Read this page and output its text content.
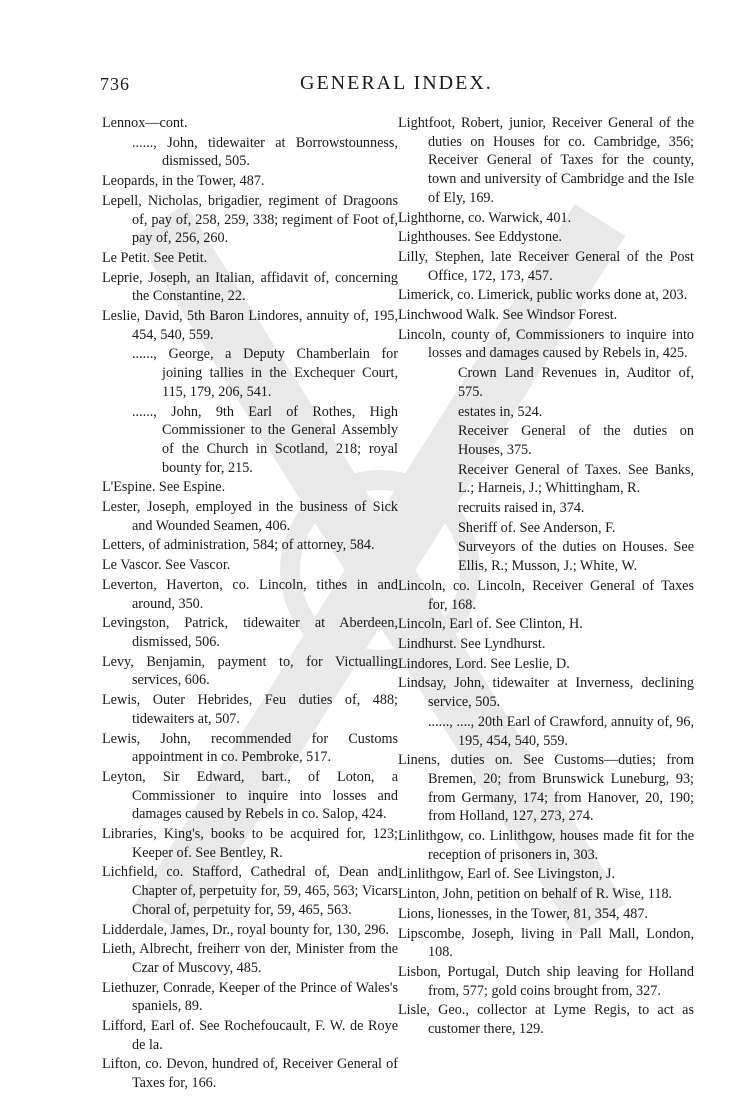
736	GENERAL INDEX.

Lennox—cont.

......, John, tidewaiter at Borrowstounness, dismissed, 505.

Leopards, in the Tower, 487.

Lepell, Nicholas, brigadier, regiment of Dragoons of, pay of, 258, 259, 338; regiment of Foot of, pay of, 256, 260.

Le Petit. See Petit.

Leprie, Joseph, an Italian, affidavit of, concerning the Constantine, 22.

Leslie, David, 5th Baron Lindores, annuity of, 195, 454, 540, 559.

......, George, a Deputy Chamberlain for joining tallies in the Exchequer Court, 115, 179, 206, 541.

......, John, 9th Earl of Rothes, High Commissioner to the General Assembly of the Church in Scotland, 218; royal bounty for, 215.

L'Espine. See Espine.

Lester, Joseph, employed in the business of Sick and Wounded Seamen, 406.

Letters, of administration, 584; of attorney, 584.

Le Vascor. See Vascor.

Leverton, Haverton, co. Lincoln, tithes in and around, 350.

Levingston, Patrick, tidewaiter at Aberdeen, dismissed, 506.

Levy, Benjamin, payment to, for Victualling services, 606.

Lewis, Outer Hebrides, Feu duties of, 488; tidewaiters at, 507.

Lewis, John, recommended for Customs appointment in co. Pembroke, 517.

Leyton, Sir Edward, bart., of Loton, a Commissioner to inquire into losses and damages caused by Rebels in co. Salop, 424.

Libraries, King's, books to be acquired for, 123; Keeper of. See Bentley, R.

Lichfield, co. Stafford, Cathedral of, Dean and Chapter of, perpetuity for, 59, 465, 563; Vicars Choral of, perpetuity for, 59, 465, 563.

Lidderdale, James, Dr., royal bounty for, 130, 296.

Lieth, Albrecht, freiherr von der, Minister from the Czar of Muscovy, 485.

Liethuzer, Conrade, Keeper of the Prince of Wales's spaniels, 89.

Lifford, Earl of. See Rochefoucault, F. W. de Roye de la.

Lifton, co. Devon, hundred of, Receiver General of Taxes for, 166.

Lightfoot, Robert, junior, Receiver General of the duties on Houses for co. Cambridge, 356; Receiver General of Taxes for the county, town and university of Cambridge and the Isle of Ely, 169.

Lighthorne, co. Warwick, 401.

Lighthouses. See Eddystone.

Lilly, Stephen, late Receiver General of the Post Office, 172, 173, 457.

Limerick, co. Limerick, public works done at, 203.

Linchwood Walk. See Windsor Forest.

Lincoln, county of, Commissioners to inquire into losses and damages caused by Rebels in, 425.

Crown Land Revenues in, Auditor of, 575.

estates in, 524.

Receiver General of the duties on Houses, 375.

Receiver General of Taxes. See Banks, L.; Harneis, J.; Whittingham, R.

recruits raised in, 374.

Sheriff of. See Anderson, F.

Surveyors of the duties on Houses. See Ellis, R.; Musson, J.; White, W.

Lincoln, co. Lincoln, Receiver General of Taxes for, 168.

Lincoln, Earl of. See Clinton, H.

Lindhurst. See Lyndhurst.

Lindores, Lord. See Leslie, D.

Lindsay, John, tidewaiter at Inverness, declining service, 505.

......, ...., 20th Earl of Crawford, annuity of, 96, 195, 454, 540, 559.

Linens, duties on. See Customs—duties; from Bremen, 20; from Brunswick Luneburg, 93; from Germany, 174; from Hanover, 20, 190; from Holland, 127, 273, 274.

Linlithgow, co. Linlithgow, houses made fit for the reception of prisoners in, 303.

Linlithgow, Earl of. See Livingston, J.

Linton, John, petition on behalf of R. Wise, 118.

Lions, lionesses, in the Tower, 81, 354, 487.

Lipscombe, Joseph, living in Pall Mall, London, 108.

Lisbon, Portugal, Dutch ship leaving for Holland from, 577; gold coins brought from, 327.

Lisle, Geo., collector at Lyme Regis, to act as customer there, 129.
